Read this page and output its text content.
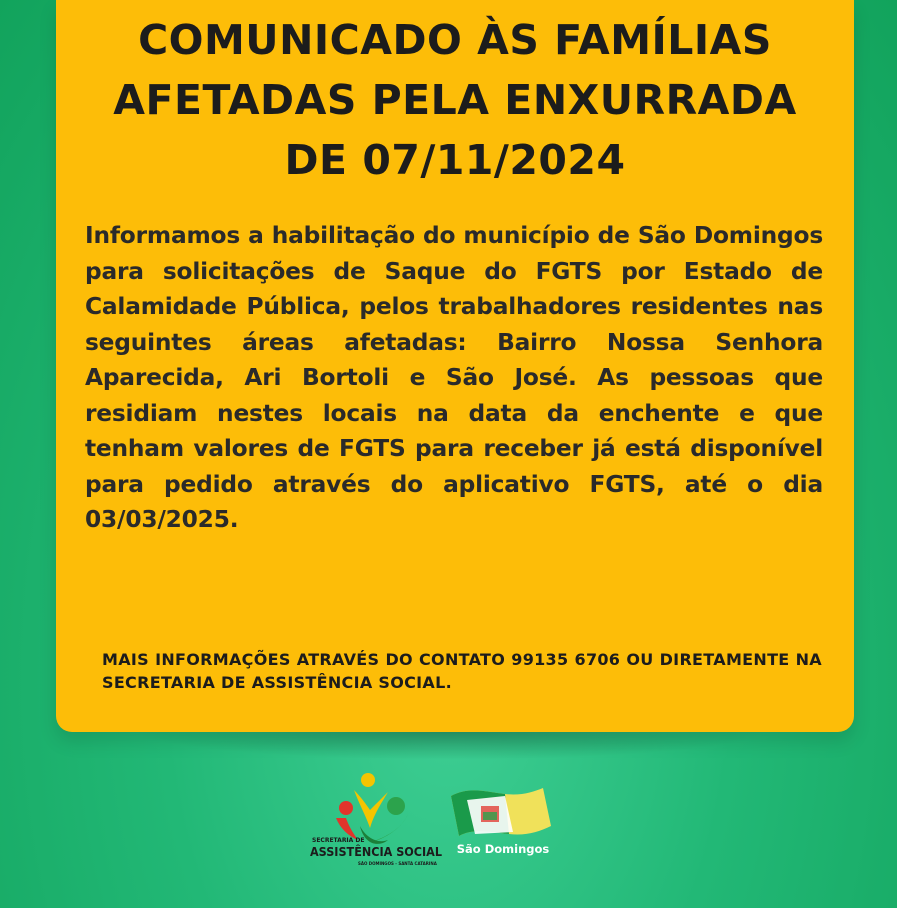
COMUNICADO ÀS FAMÍLIAS
AFETADAS PELA ENXURRADA
DE 07/11/2024

Informamos a habilitação do município de São Domingos para solicitações de Saque do FGTS por Estado de Calamidade Pública, pelos trabalhadores residentes nas seguintes áreas afetadas: Bairro Nossa Senhora Aparecida, Ari Bortoli e São José. As pessoas que residiam nestes locais na data da enchente e que tenham valores de FGTS para receber já está disponível para pedido através do aplicativo FGTS, até o dia 03/03/2025.

MAIS INFORMAÇÕES ATRAVÉS DO CONTATO 99135 6706 OU DIRETAMENTE NA SECRETARIA DE ASSISTÊNCIA SOCIAL.

SECRETARIA DE
ASSISTÊNCIA SOCIAL
SÃO DOMINGOS - SANTA CATARINA
São Domingos
